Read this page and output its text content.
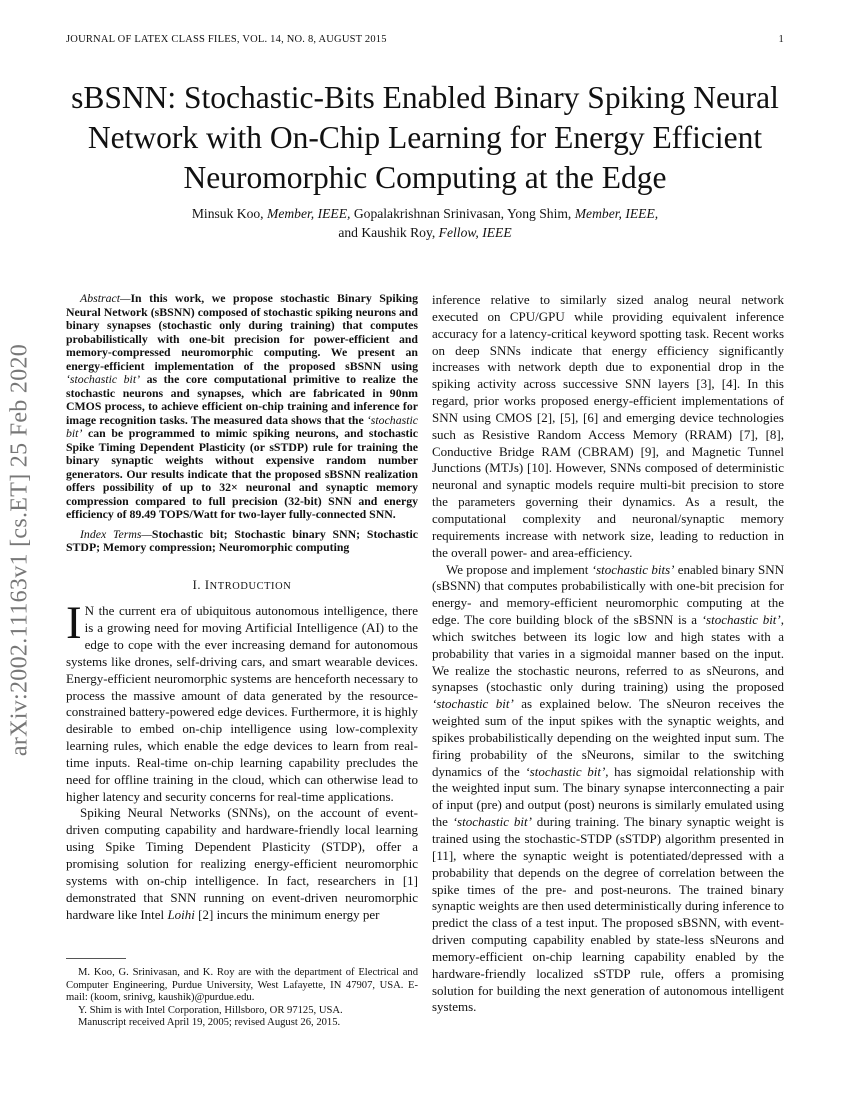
JOURNAL OF LATEX CLASS FILES, VOL. 14, NO. 8, AUGUST 2015	1
arXiv:2002.11163v1 [cs.ET] 25 Feb 2020
sBSNN: Stochastic-Bits Enabled Binary Spiking Neural Network with On-Chip Learning for Energy Efficient Neuromorphic Computing at the Edge
Minsuk Koo, Member, IEEE, Gopalakrishnan Srinivasan, Yong Shim, Member, IEEE,
and Kaushik Roy, Fellow, IEEE

Abstract—In this work, we propose stochastic Binary Spiking Neural Network (sBSNN) composed of stochastic spiking neurons and binary synapses (stochastic only during training) that computes probabilistically with one-bit precision for power-efficient and memory-compressed neuromorphic computing. We present an energy-efficient implementation of the proposed sBSNN using ‘stochastic bit’ as the core computational primitive to realize the stochastic neurons and synapses, which are fabricated in 90nm CMOS process, to achieve efficient on-chip training and inference for image recognition tasks. The measured data shows that the ‘stochastic bit’ can be programmed to mimic spiking neurons, and stochastic Spike Timing Dependent Plasticity (or sSTDP) rule for training the binary synaptic weights without expensive random number generators. Our results indicate that the proposed sBSNN realization offers possibility of up to 32× neuronal and synaptic memory compression compared to full precision (32-bit) SNN and energy efficiency of 89.49 TOPS/Watt for two-layer fully-connected SNN.

Index Terms—Stochastic bit; Stochastic binary SNN; Stochastic STDP; Memory compression; Neuromorphic computing

I. INTRODUCTION

I N the current era of ubiquitous autonomous intelligence, there is a growing need for moving Artificial Intelligence (AI) to the edge to cope with the ever increasing demand for autonomous systems like drones, self-driving cars, and smart wearable devices. Energy-efficient neuromorphic systems are henceforth necessary to process the massive amount of data generated by the resource-constrained battery-powered edge devices. Furthermore, it is highly desirable to embed on-chip intelligence using low-complexity learning rules, which enable the edge devices to learn from real-time inputs. Real-time on-chip learning capability precludes the need for offline training in the cloud, which can otherwise lead to higher latency and security concerns for real-time applications.

Spiking Neural Networks (SNNs), on the account of event-driven computing capability and hardware-friendly local learning using Spike Timing Dependent Plasticity (STDP), offer a promising solution for realizing energy-efficient neuromorphic systems with on-chip intelligence. In fact, researchers in [1] demonstrated that SNN running on event-driven neuromorphic hardware like Intel Loihi [2] incurs the minimum energy per

M. Koo, G. Srinivasan, and K. Roy are with the department of Electrical and Computer Engineering, Purdue University, West Lafayette, IN 47907, USA. E-mail: (koom, srinivg, kaushik)@purdue.edu.

Y. Shim is with Intel Corporation, Hillsboro, OR 97125, USA.

Manuscript received April 19, 2005; revised August 26, 2015.

inference relative to similarly sized analog neural network executed on CPU/GPU while providing equivalent inference accuracy for a latency-critical keyword spotting task. Recent works on deep SNNs indicate that energy efficiency significantly increases with network depth due to exponential drop in the spiking activity across successive SNN layers [3], [4]. In this regard, prior works proposed energy-efficient implementations of SNN using CMOS [2], [5], [6] and emerging device technologies such as Resistive Random Access Memory (RRAM) [7], [8], Conductive Bridge RAM (CBRAM) [9], and Magnetic Tunnel Junctions (MTJs) [10]. However, SNNs composed of deterministic neuronal and synaptic models require multi-bit precision to store the parameters governing their dynamics. As a result, the computational complexity and neuronal/synaptic memory requirements increase with network size, leading to reduction in the overall power- and area-efficiency.

We propose and implement ‘stochastic bits’ enabled binary SNN (sBSNN) that computes probabilistically with one-bit precision for energy- and memory-efficient neuromorphic computing at the edge. The core building block of the sBSNN is a ‘stochastic bit’, which switches between its logic low and high states with a probability that varies in a sigmoidal manner based on the input. We realize the stochastic neurons, referred to as sNeurons, and synapses (stochastic only during training) using the proposed ‘stochastic bit’ as explained below. The sNeuron receives the weighted sum of the input spikes with the synaptic weights, and spikes probabilistically depending on the weighted input sum. The firing probability of the sNeurons, similar to the switching dynamics of the ‘stochastic bit’, has sigmoidal relationship with the weighted input sum. The binary synapse interconnecting a pair of input (pre) and output (post) neurons is similarly emulated using the ‘stochastic bit’ during training. The binary synaptic weight is trained using the stochastic-STDP (sSTDP) algorithm presented in [11], where the synaptic weight is potentiated/depressed with a probability that depends on the degree of correlation between the spike times of the pre- and post-neurons. The trained binary synaptic weights are then used deterministically during inference to predict the class of a test input. The proposed sBSNN, with event-driven computing capability enabled by state-less sNeurons and memory-efficient on-chip learning capability enabled by the hardware-friendly localized sSTDP rule, offers a promising solution for building the next generation of autonomous intelligent systems.
